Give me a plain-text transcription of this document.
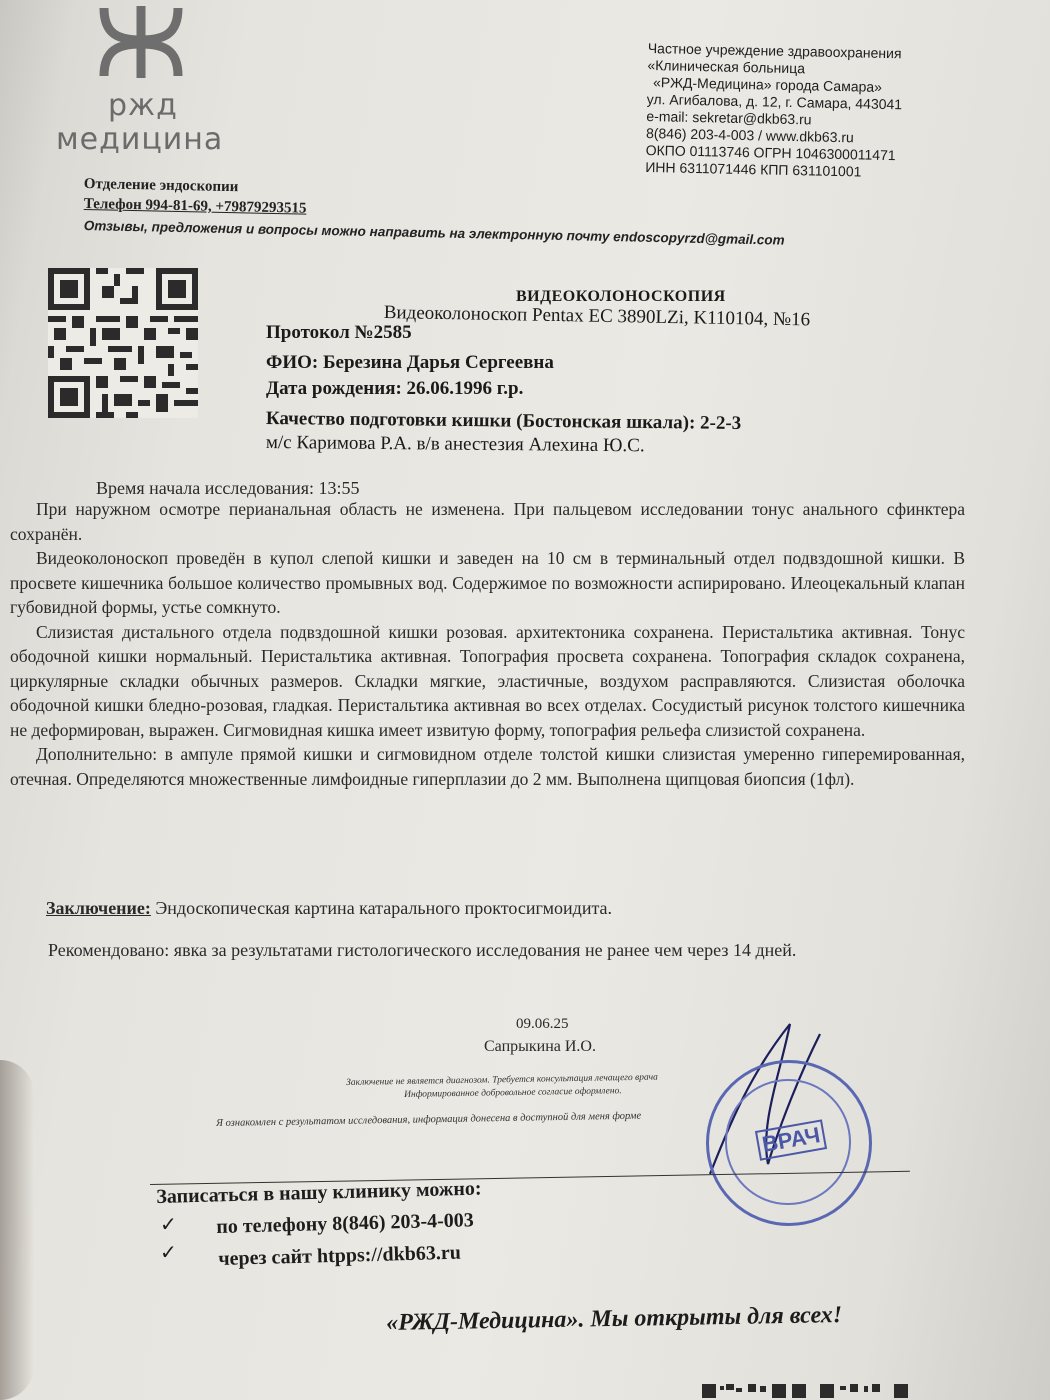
ржд
медицина
Отделение эндоскопии
Телефон 994-81-69, +79879293515
Отзывы, предложения и вопросы можно направить на электронную почту endoscopyrzd@gmail.com
Частное учреждение здравоохранения
«Клиническая больница
«РЖД-Медицина» города Самара»
ул. Агибалова, д. 12, г. Самара, 443041
e-mail: sekretar@dkb63.ru
8(846) 203-4-003 / www.dkb63.ru
ОКПО 01113746 ОГРН 1046300011471
ИНН 6311071446 КПП 631101001
ВИДЕОКОЛОНОСКОПИЯ
Видеоколоноскоп Pentax EC 3890LZi, K110104, №16
Протокол №2585
ФИО: Березина Дарья Сергеевна
Дата рождения: 26.06.1996 г.р.
Качество подготовки кишки (Бостонская шкала): 2-2-3
м/с Каримова Р.А. в/в анестезия Алехина Ю.С.
Время начала исследования: 13:55

При наружном осмотре перианальная область не изменена. При пальцевом исследовании тонус анального сфинктера сохранён.

Видеоколоноскоп проведён в купол слепой кишки и заведен на 10 см в терминальный отдел подвздошной кишки. В просвете кишечника большое количество промывных вод. Содержимое по возможности аспирировано. Илеоцекальный клапан губовидной формы, устье сомкнуто.

Слизистая дистального отдела подвздошной кишки розовая. архитектоника сохранена. Перистальтика активная. Тонус ободочной кишки нормальный. Перистальтика активная. Топография просвета сохранена. Топография складок сохранена, циркулярные складки обычных размеров. Складки мягкие, эластичные, воздухом расправляются. Слизистая оболочка ободочной кишки бледно-розовая, гладкая. Перистальтика активная во всех отделах. Сосудистый рисунок толстого кишечника не деформирован, выражен. Сигмовидная кишка имеет извитую форму, топография рельефа слизистой сохранена.

Дополнительно: в ампуле прямой кишки и сигмовидном отделе толстой кишки слизистая умеренно гиперемированная, отечная. Определяются множественные лимфоидные гиперплазии до 2 мм. Выполнена щипцовая биопсия (1фл).

Заключение: Эндоскопическая картина катарального проктосигмоидита.
Рекомендовано: явка за результатами гистологического исследования не ранее чем через 14 дней.
09.06.25
Сапрыкина И.О.
Заключение не является диагнозом. Требуется консультация лечащего врача
Информированное добровольное согласие оформлено.
Я ознакомлен с результатом исследования, информация донесена в доступной для меня форме
ВРАЧ
Записаться в нашу клинику можно:
✓ по телефону 8(846) 203-4-003
✓ через сайт htpps://dkb63.ru
«РЖД-Медицина». Мы открыты для всех!
